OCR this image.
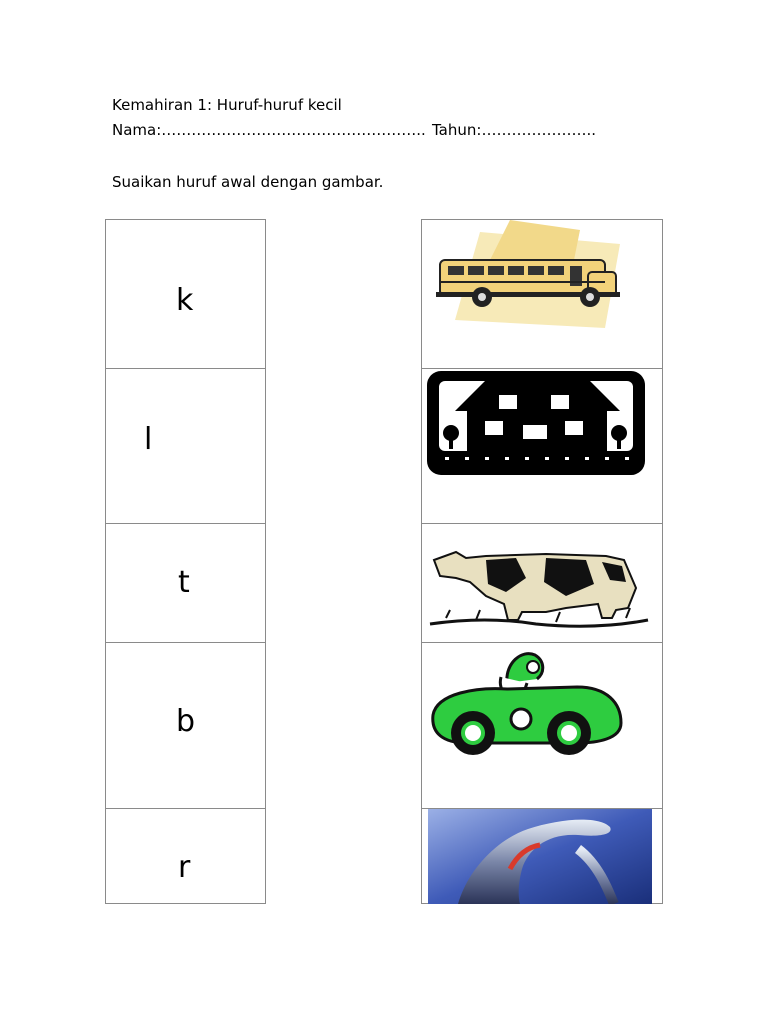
Kemahiran 1: Huruf-huruf kecil
Nama:…………………………………………….. Tahun:…………………..
Suaikan huruf awal dengan gambar.
k
l
t
b
r
